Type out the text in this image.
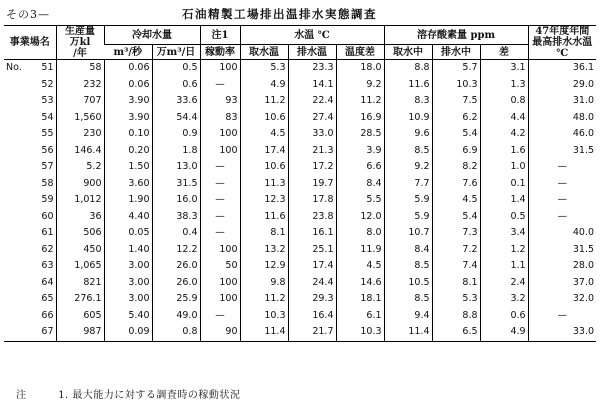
その3—	石油精製工場排出温排水実態調査
事業場名		生産量
万kl
/年	冷却水量		注1	水温 ℃			溶存酸素量 ppm			47年度年間最高排水水温 ℃
			m³/秒	万m³/日	稼動率	取水温	排水温	温度差	取水中	排水中	差	
No.	51	58	0.06	0.5	100	5.3	23.3	18.0	8.8	5.7	3.1	36.1
	52	232	0.06	0.6	—	4.9	14.1	9.2	11.6	10.3	1.3	29.0
	53	707	3.90	33.6	93	11.2	22.4	11.2	8.3	7.5	0.8	31.0
	54	1,560	3.90	54.4	83	10.6	27.4	16.9	10.9	6.2	4.4	48.0
	55	230	0.10	0.9	100	4.5	33.0	28.5	9.6	5.4	4.2	46.0
	56	146.4	0.20	1.8	100	17.4	21.3	3.9	8.5	6.9	1.6	31.5
	57	5.2	1.50	13.0	—	10.6	17.2	6.6	9.2	8.2	1.0	—
	58	900	3.60	31.5	—	11.3	19.7	8.4	7.7	7.6	0.1	—
	59	1,012	1.90	16.0	—	12.3	17.8	5.5	5.9	4.5	1.4	—
	60	36	4.40	38.3	—	11.6	23.8	12.0	5.9	5.4	0.5	—
	61	506	0.05	0.4	—	8.1	16.1	8.0	10.7	7.3	3.4	40.0
	62	450	1.40	12.2	100	13.2	25.1	11.9	8.4	7.2	1.2	31.5
	63	1,065	3.00	26.0	50	12.9	17.4	4.5	8.5	7.4	1.1	28.0
	64	821	3.00	26.0	100	9.8	24.4	14.6	10.5	8.1	2.4	37.0
	65	276.1	3.00	25.9	100	11.2	29.3	18.1	8.5	5.3	3.2	32.0
	66	605	5.40	49.0	—	10.3	16.4	6.1	9.4	8.8	0.6	—
	67	987	0.09	0.8	90	11.4	21.7	10.3	11.4	6.5	4.9	33.0
注	1. 最大能力に対する調査時の稼動状況
